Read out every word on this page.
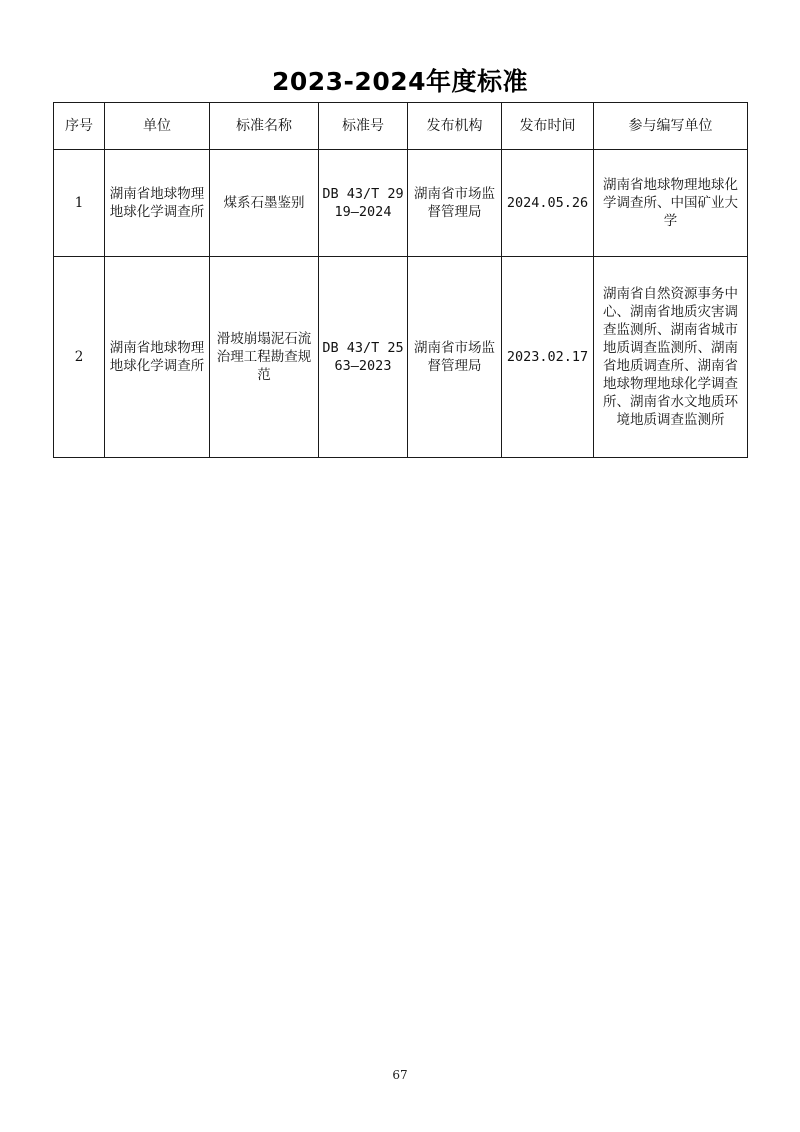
2023-2024年度标准
序号	单位	标准名称	标准号	发布机构	发布时间	参与编写单位
1	湖南省地球物理地球化学调查所	煤系石墨鉴别	DB 43/T 2919—2024	湖南省市场监督管理局	2024.05.26	湖南省地球物理地球化学调查所、中国矿业大学
2	湖南省地球物理地球化学调查所	滑坡崩塌泥石流治理工程勘查规范	DB 43/T 2563—2023	湖南省市场监督管理局	2023.02.17	湖南省自然资源事务中心、湖南省地质灾害调查监测所、湖南省城市地质调查监测所、湖南省地质调查所、湖南省地球物理地球化学调查所、湖南省水文地质环境地质调查监测所
67
